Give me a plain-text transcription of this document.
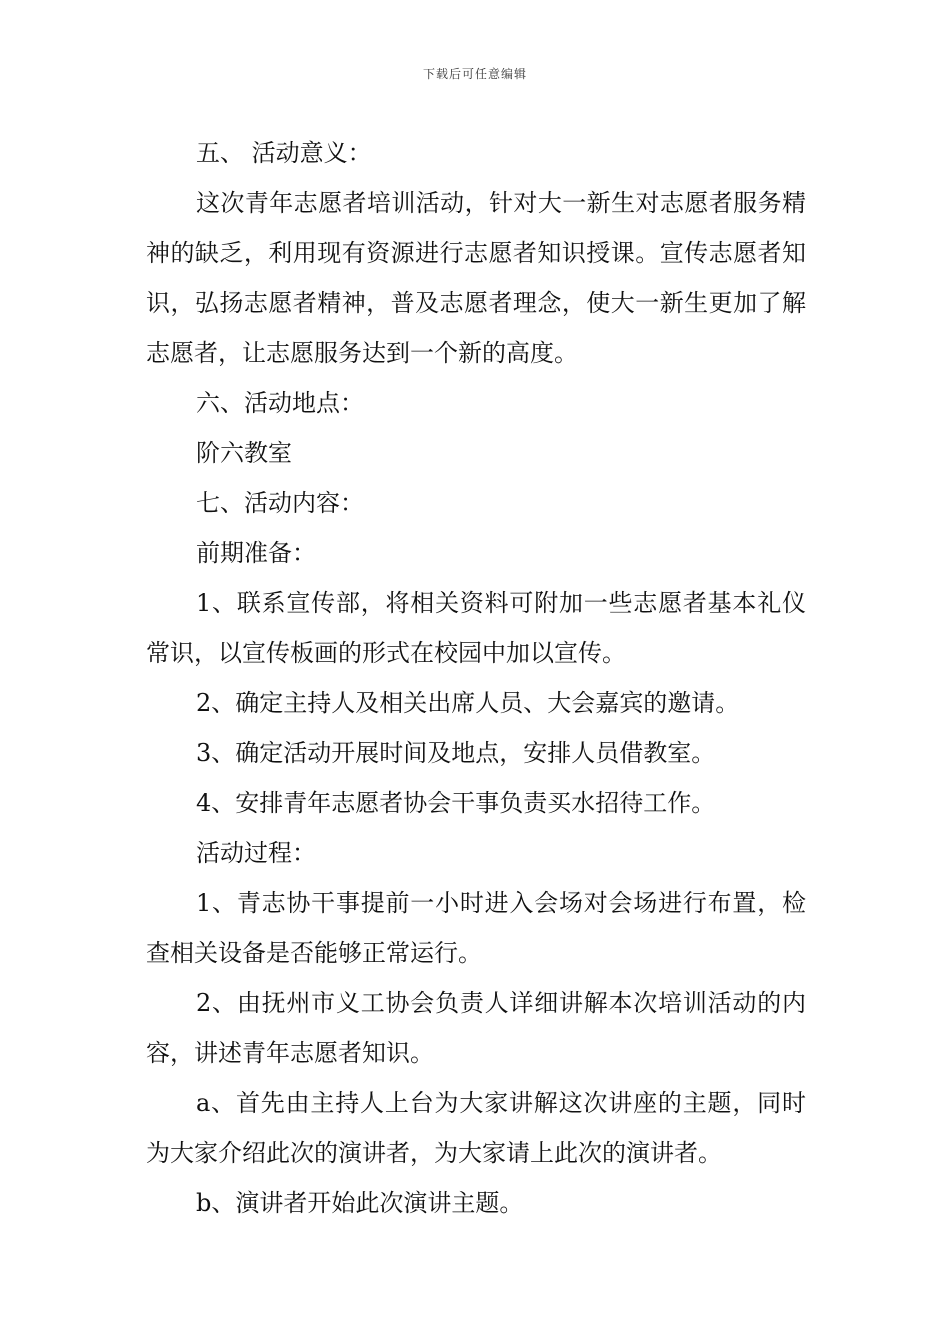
下载后可任意编辑

五、 活动意义：

这次青年志愿者培训活动，针对大一新生对志愿者服务精神的缺乏，利用现有资源进行志愿者知识授课。宣传志愿者知识，弘扬志愿者精神，普及志愿者理念，使大一新生更加了解志愿者，让志愿服务达到一个新的高度。

六、活动地点：

阶六教室

七、活动内容：

前期准备：

1、联系宣传部，将相关资料可附加一些志愿者基本礼仪常识，以宣传板画的形式在校园中加以宣传。

2、确定主持人及相关出席人员、大会嘉宾的邀请。

3、确定活动开展时间及地点，安排人员借教室。

4、安排青年志愿者协会干事负责买水招待工作。

活动过程：

1、青志协干事提前一小时进入会场对会场进行布置，检查相关设备是否能够正常运行。

2、由抚州市义工协会负责人详细讲解本次培训活动的内容，讲述青年志愿者知识。

a、首先由主持人上台为大家讲解这次讲座的主题，同时为大家介绍此次的演讲者，为大家请上此次的演讲者。

b、演讲者开始此次演讲主题。
